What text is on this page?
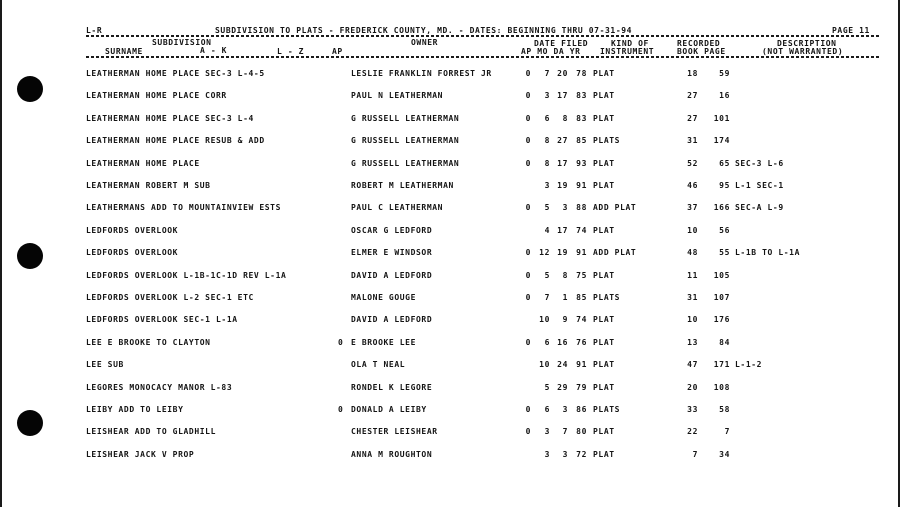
L-R	SUBDIVISION TO PLATS - FREDERICK COUNTY, MD. - DATES: BEGINNING THRU 07-31-94	PAGE 11
SUBDIVISION	OWNER	DATE FILED	KIND OF	RECORDED	DESCRIPTION
SURNAME	A - K	L - Z	AP	AP MO DA YR INSTRUMENT	BOOK PAGE	(NOT WARRANTED)
LEATHERMAN HOME PLACE SEC-3 L-4-5	LESLIE FRANKLIN FORREST JR	0 7 20 78 PLAT	18	59
LEATHERMAN HOME PLACE CORR	PAUL N LEATHERMAN	0 3 17 83 PLAT	27	16
LEATHERMAN HOME PLACE SEC-3 L-4	G RUSSELL LEATHERMAN	0 6 8 83 PLAT	27 101
LEATHERMAN HOME PLACE RESUB & ADD	G RUSSELL LEATHERMAN	0 8 27 85 PLATS	31 174
LEATHERMAN HOME PLACE	G RUSSELL LEATHERMAN	0 8 17 93 PLAT	52	65 SEC-3 L-6
LEATHERMAN ROBERT M SUB	ROBERT M LEATHERMAN	3 19 91 PLAT	46	95 L-1 SEC-1
LEATHERMANS ADD TO MOUNTAINVIEW ESTS	PAUL C LEATHERMAN	0 5 3 88 ADD PLAT	37 166 SEC-A L-9
LEDFORDS OVERLOOK	OSCAR G LEDFORD	4 17 74 PLAT	10	56
LEDFORDS OVERLOOK	ELMER E WINDSOR	0 12 19 91 ADD PLAT	48	55 L-1B TO L-1A
LEDFORDS OVERLOOK L-1B-1C-1D REV L-1A	DAVID A LEDFORD	0 5 8 75 PLAT	11 105
LEDFORDS OVERLOOK L-2 SEC-1 ETC	MALONE GOUGE	0 7 1 85 PLATS	31 107
LEDFORDS OVERLOOK SEC-1 L-1A	DAVID A LEDFORD	10 9 74 PLAT	10 176
LEE E BROOKE TO CLAYTON	0 E BROOKE LEE	0 6 16 76 PLAT	13	84
LEE SUB	OLA T NEAL	10 24 91 PLAT	47 171 L-1-2
LEGORES MONOCACY MANOR L-83	RONDEL K LEGORE	5 29 79 PLAT	20 108
LEIBY ADD TO LEIBY	0 DONALD A LEIBY	0 6 3 86 PLATS	33	58
LEISHEAR ADD TO GLADHILL	CHESTER LEISHEAR	0 3 7 80 PLAT	22	7
LEISHEAR JACK V PROP	ANNA M ROUGHTON	3 3 72 PLAT	7	34
